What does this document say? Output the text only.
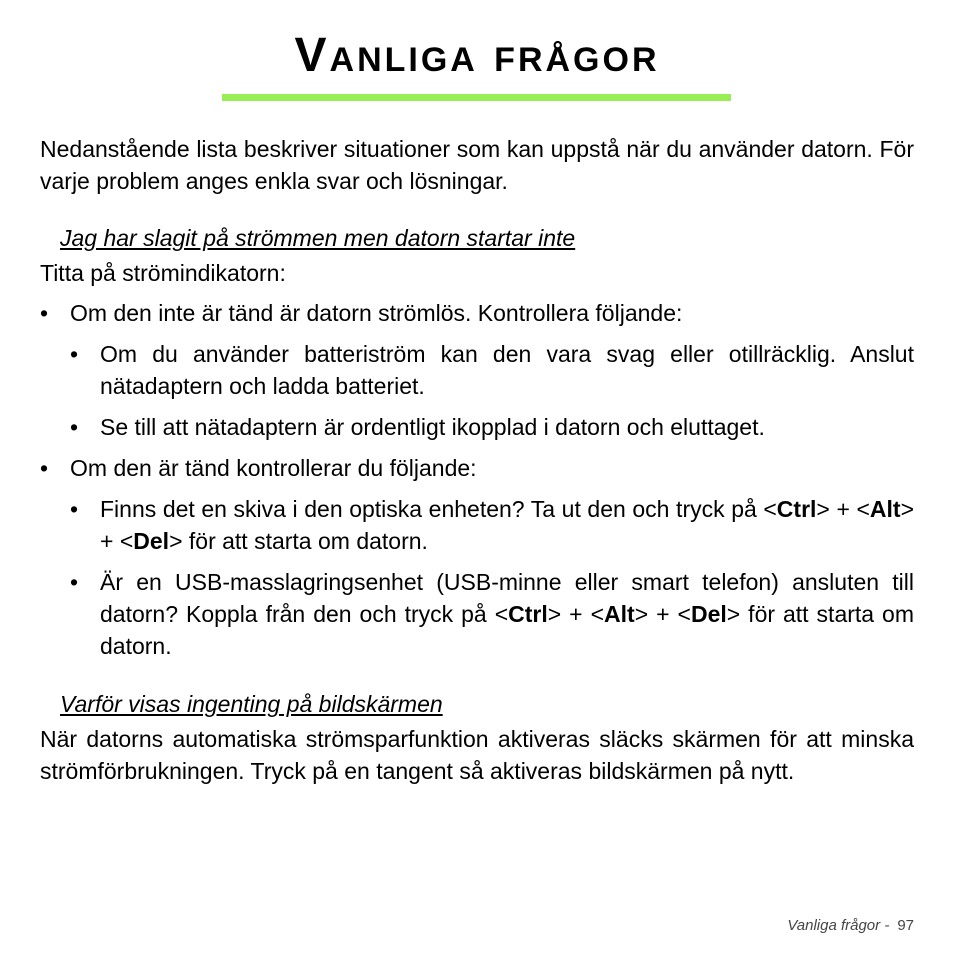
Vanliga frågor

Nedanstående lista beskriver situationer som kan uppstå när du använder datorn. För varje problem anges enkla svar och lösningar.

Jag har slagit på strömmen men datorn startar inte

Titta på strömindikatorn:

• Om den inte är tänd är datorn strömlös. Kontrollera följande:

• Om du använder batteriström kan den vara svag eller otillräcklig. Anslut nätadaptern och ladda batteriet.

• Se till att nätadaptern är ordentligt ikopplad i datorn och eluttaget.

• Om den är tänd kontrollerar du följande:

• Finns det en skiva i den optiska enheten? Ta ut den och tryck på <Ctrl> + <Alt> + <Del> för att starta om datorn.

• Är en USB-masslagringsenhet (USB-minne eller smart telefon) ansluten till datorn? Koppla från den och tryck på <Ctrl> + <Alt> + <Del> för att starta om datorn.

Varför visas ingenting på bildskärmen

När datorns automatiska strömsparfunktion aktiveras släcks skärmen för att minska strömförbrukningen. Tryck på en tangent så aktiveras bildskärmen på nytt.

Vanliga frågor - 97
